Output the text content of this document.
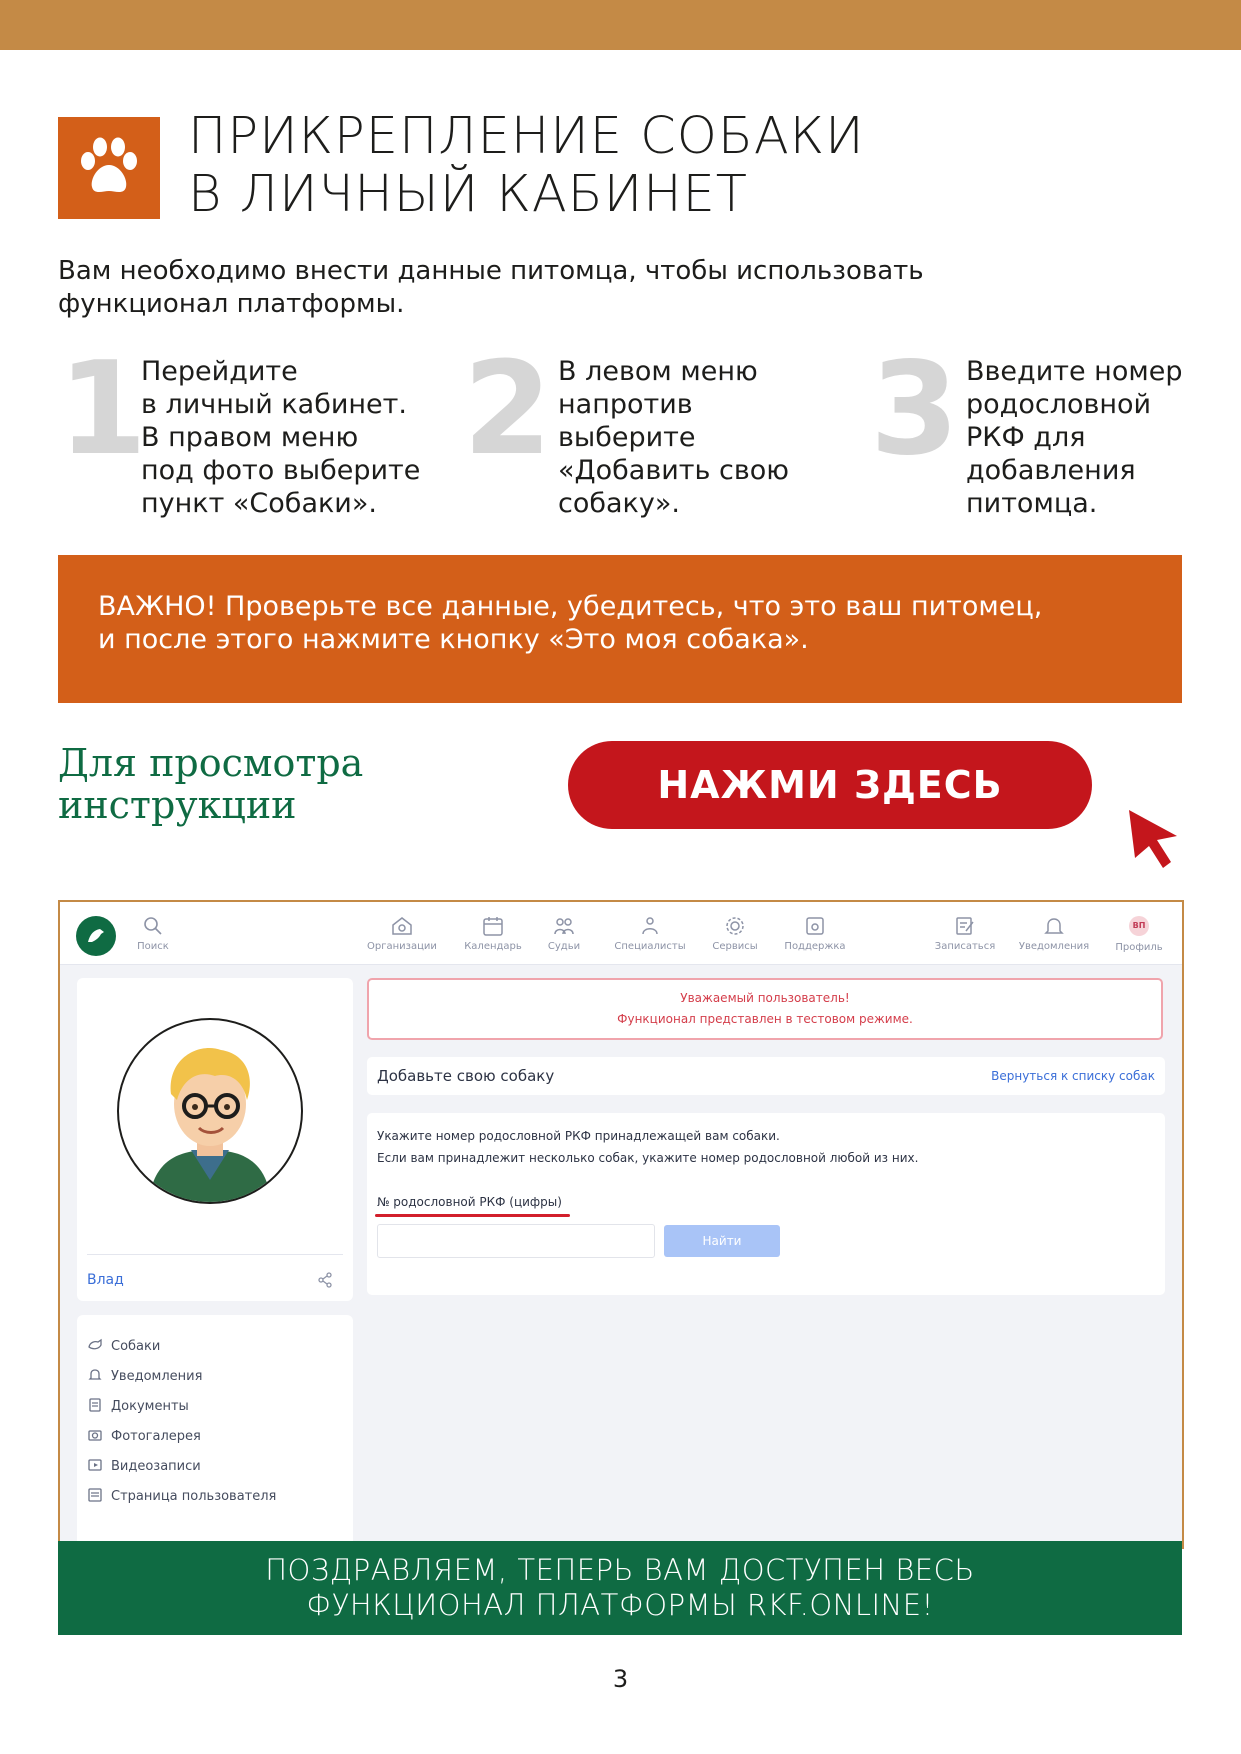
ПРИКРЕПЛЕНИЕ СОБАКИ
В ЛИЧНЫЙ КАБИНЕТ
Вам необходимо внести данные питомца, чтобы использовать функционал платформы.
1
Перейдите
в личный кабинет.
В правом меню
под фото выберите
пункт «Собаки».
2 В левом меню
напротив
выберите
«Добавить свою
собаку».
3 Введите номер
родословной
РКФ для
добавления
питомца.
ВАЖНО! Проверьте все данные, убедитесь, что это ваш питомец,
и после этого нажмите кнопку «Это моя собака».
Для просмотра
инструкции	НАЖМИ ЗДЕСЬ
Поиск	Организации	Календарь	Судьи	Специалисты	Сервисы	Поддержка	Записаться Уведомления
ВП
Профиль
Влад
Собаки
Уведомления
Документы
Фотогалерея
Видеозаписи
Страница пользователя
Уважаемый пользователь!
Функционал представлен в тестовом режиме.
Добавьте свою собаку	Вернуться к списку собак
Укажите номер родословной РКФ принадлежащей вам собаки.
Если вам принадлежит несколько собак, укажите номер родословной любой из них.
№ родословной РКФ (цифры)
Найти
ПОЗДРАВЛЯЕМ, ТЕПЕРЬ ВАМ ДОСТУПЕН ВЕСЬ
ФУНКЦИОНАЛ ПЛАТФОРМЫ RKF.ONLINE!
3
